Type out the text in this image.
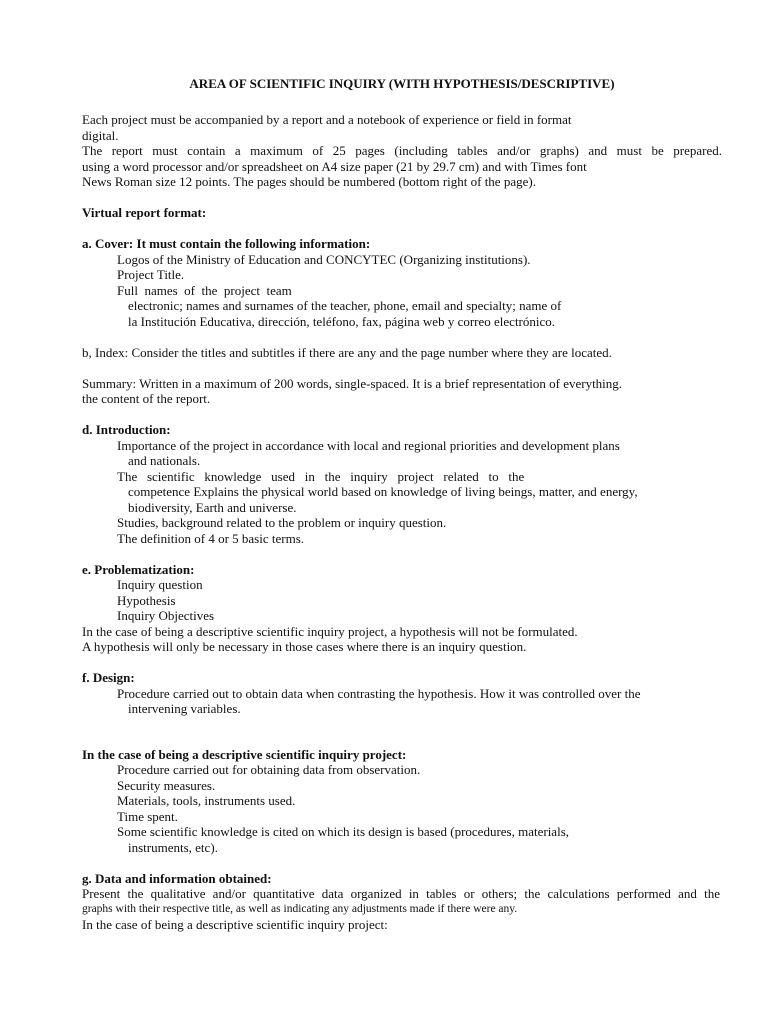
AREA OF SCIENTIFIC INQUIRY (WITH HYPOTHESIS/DESCRIPTIVE)
Each project must be accompanied by a report and a notebook of experience or field in format
digital.
The report must contain a maximum of 25 pages (including tables and/or graphs) and must be prepared.
using a word processor and/or spreadsheet on A4 size paper (21 by 29.7 cm) and with Times font
News Roman size 12 points. The pages should be numbered (bottom right of the page).
Virtual report format:
a. Cover: It must contain the following information:
Logos of the Ministry of Education and CONCYTEC (Organizing institutions).
Project Title.
Full  names  of  the  project  team
electronic; names and surnames of the teacher, phone, email and specialty; name of
la Institución Educativa, dirección, teléfono, fax, página web y correo electrónico.
b, Index: Consider the titles and subtitles if there are any and the page number where they are located.
Summary: Written in a maximum of 200 words, single-spaced. It is a brief representation of everything.
the content of the report.
d. Introduction:
Importance of the project in accordance with local and regional priorities and development plans
and nationals.
The   scientific   knowledge   used   in   the   inquiry   project   related   to   the
competence Explains the physical world based on knowledge of living beings, matter, and energy,
biodiversity, Earth and universe.
Studies, background related to the problem or inquiry question.
The definition of 4 or 5 basic terms.
e. Problematization:
Inquiry question
Hypothesis
Inquiry Objectives
In the case of being a descriptive scientific inquiry project, a hypothesis will not be formulated.
A hypothesis will only be necessary in those cases where there is an inquiry question.
f. Design:
Procedure carried out to obtain data when contrasting the hypothesis. How it was controlled over the
intervening variables.
In the case of being a descriptive scientific inquiry project:
Procedure carried out for obtaining data from observation.
Security measures.
Materials, tools, instruments used.
Time spent.
Some scientific knowledge is cited on which its design is based (procedures, materials,
instruments, etc).
g. Data and information obtained:
Present the qualitative and/or quantitative data organized in tables or others; the calculations performed and the
graphs with their respective title, as well as indicating any adjustments made if there were any.
In the case of being a descriptive scientific inquiry project:
